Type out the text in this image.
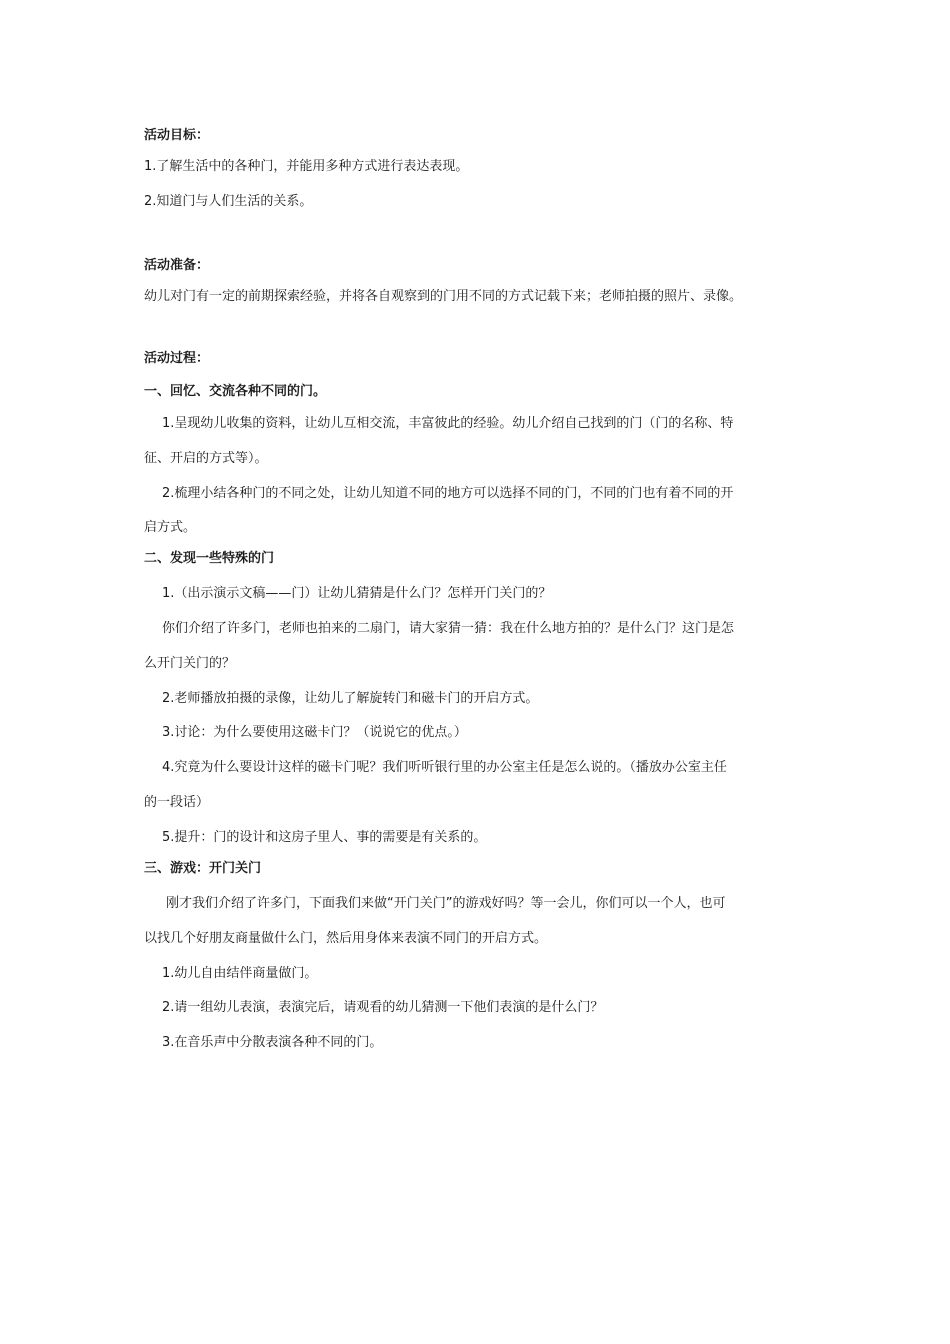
活动目标：

1.了解生活中的各种门，并能用多种方式进行表达表现。

2.知道门与人们生活的关系。

活动准备：

幼儿对门有一定的前期探索经验，并将各自观察到的门用不同的方式记载下来；老师拍摄的照片、录像。

活动过程：

一、回忆、交流各种不同的门。

1.呈现幼儿收集的资料，让幼儿互相交流，丰富彼此的经验。幼儿介绍自己找到的门（门的名称、特

征、开启的方式等）。

2.梳理小结各种门的不同之处，让幼儿知道不同的地方可以选择不同的门，不同的门也有着不同的开

启方式。

二、发现一些特殊的门

1.（出示演示文稿——门）让幼儿猜猜是什么门？怎样开门关门的？

你们介绍了许多门，老师也拍来的二扇门，请大家猜一猜：我在什么地方拍的？是什么门？这门是怎

么开门关门的？

2.老师播放拍摄的录像，让幼儿了解旋转门和磁卡门的开启方式。

3.讨论：为什么要使用这磁卡门？（说说它的优点。）

4.究竟为什么要设计这样的磁卡门呢？我们听听银行里的办公室主任是怎么说的。（播放办公室主任

的一段话）

5.提升：门的设计和这房子里人、事的需要是有关系的。

三、游戏：开门关门

刚才我们介绍了许多门，下面我们来做“开门关门”的游戏好吗？等一会儿，你们可以一个人，也可

以找几个好朋友商量做什么门，然后用身体来表演不同门的开启方式。

1.幼儿自由结伴商量做门。

2.请一组幼儿表演，表演完后，请观看的幼儿猜测一下他们表演的是什么门？

3.在音乐声中分散表演各种不同的门。
